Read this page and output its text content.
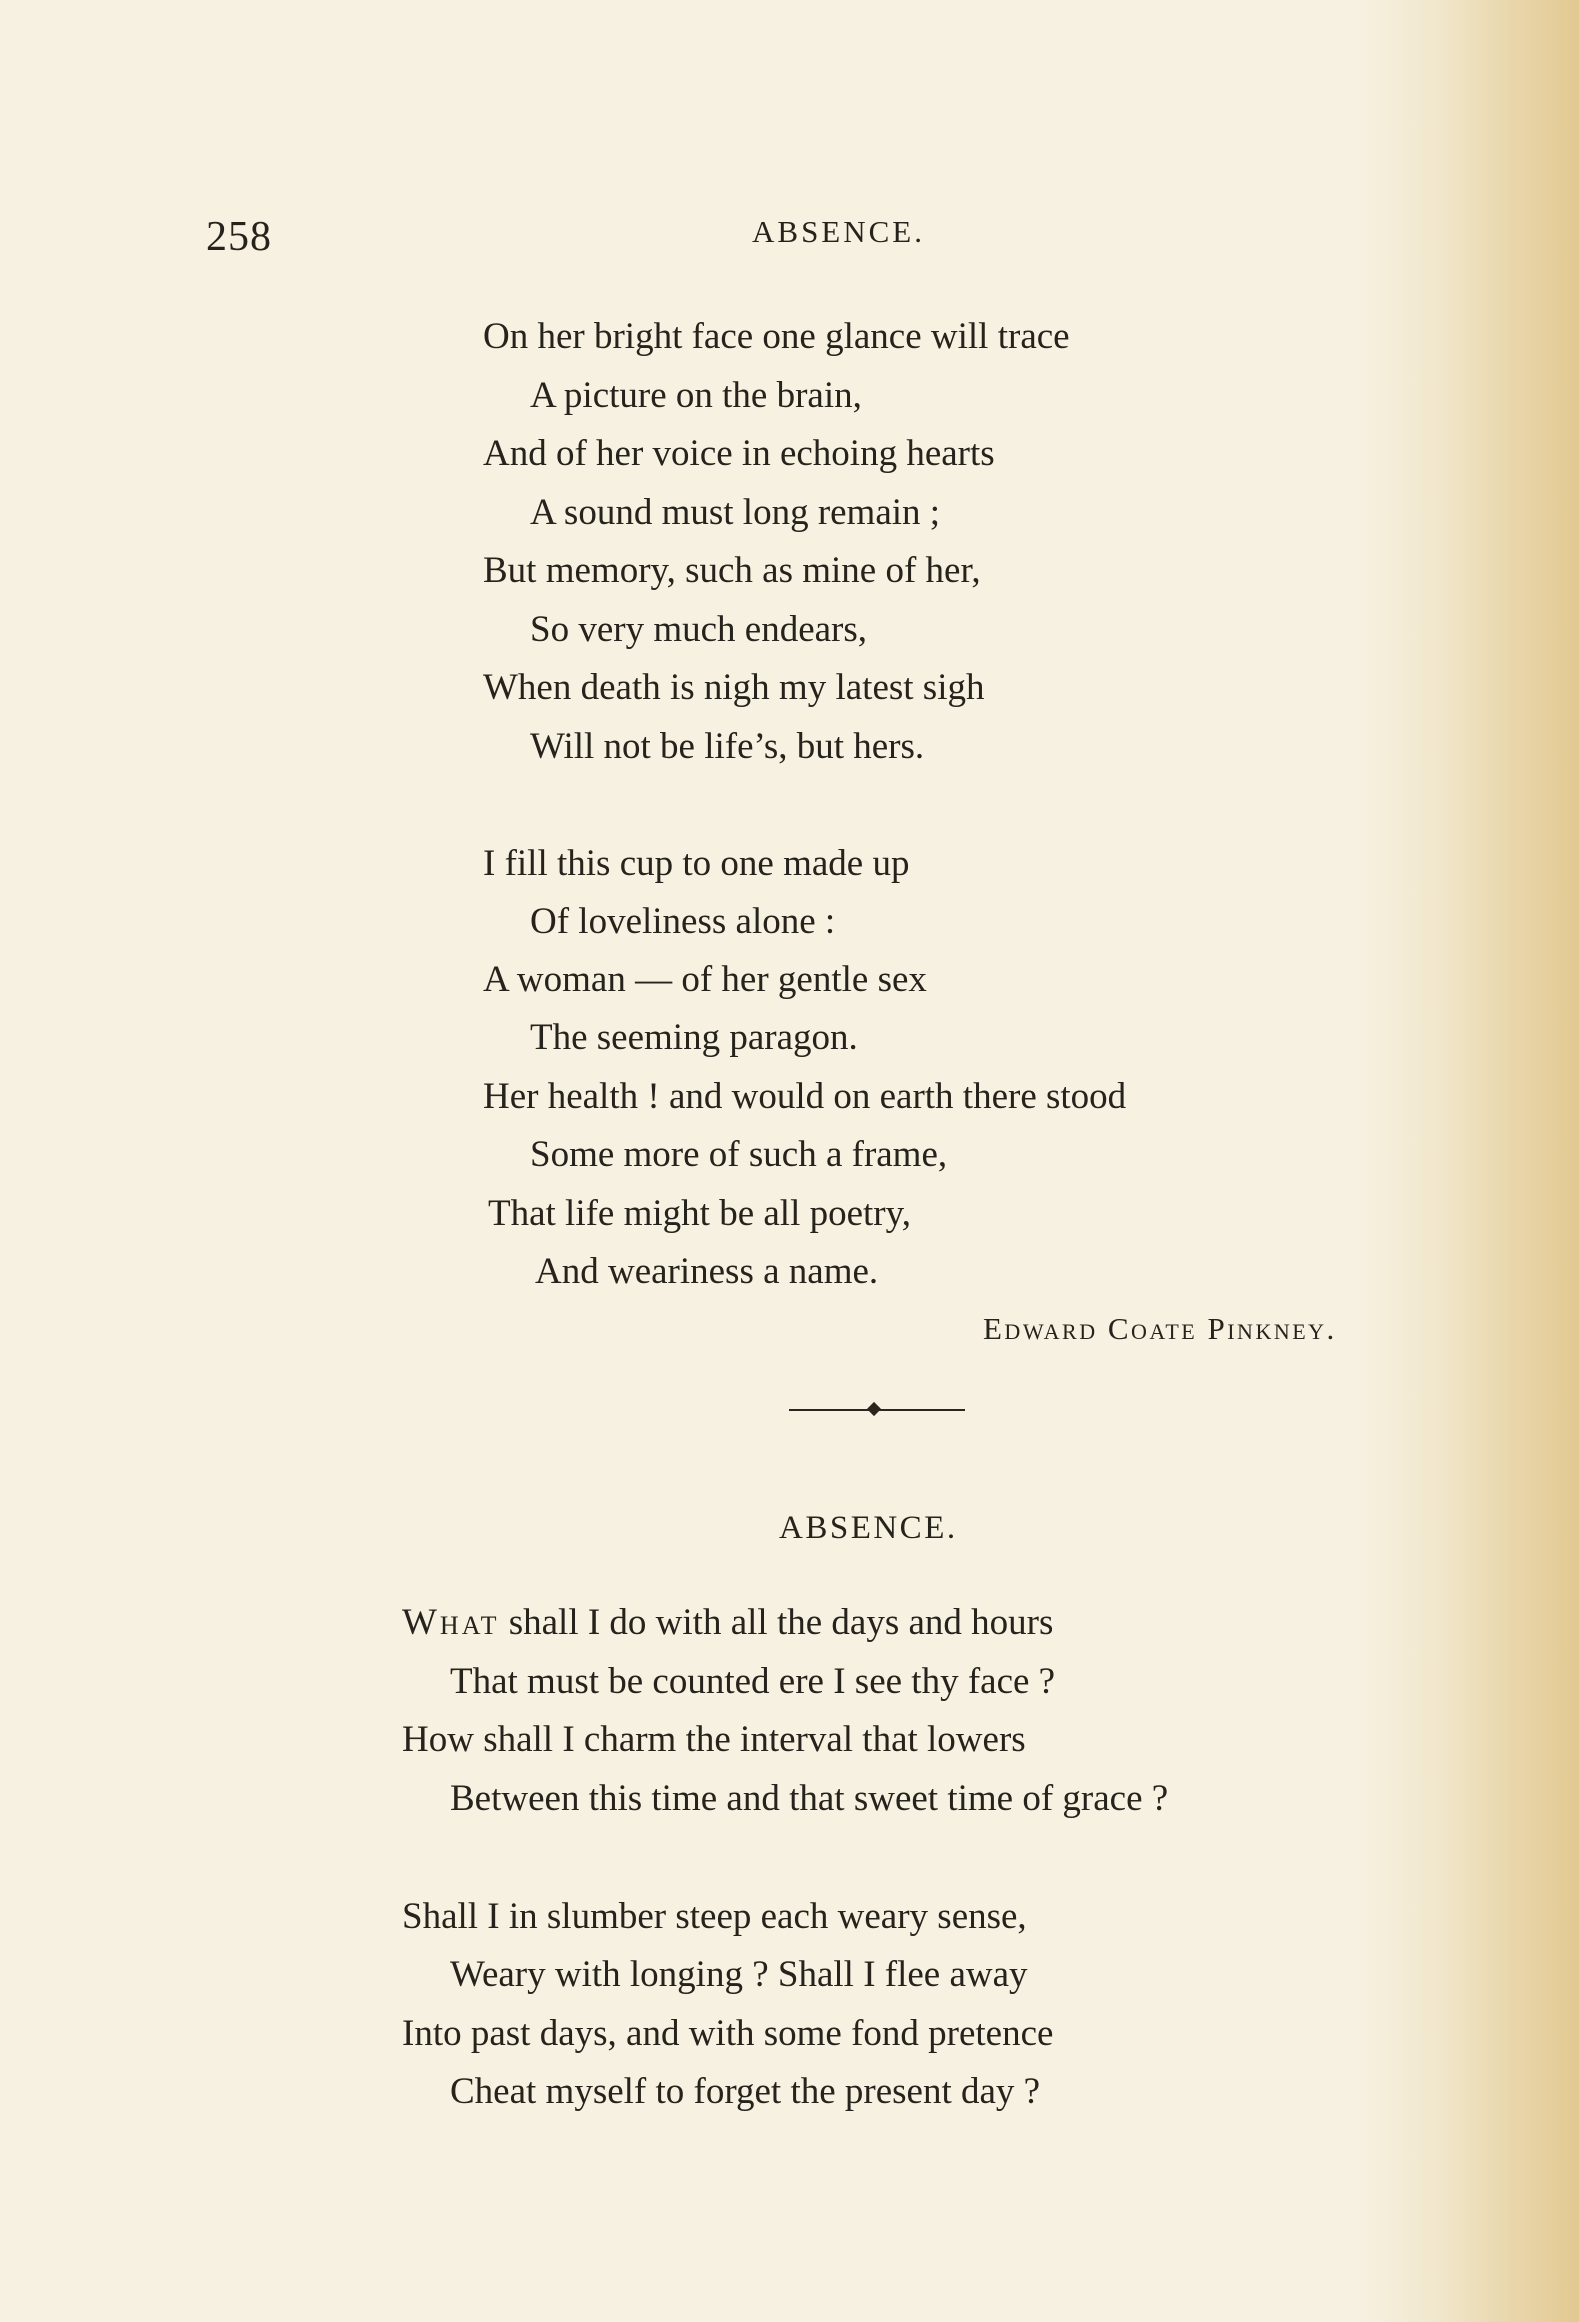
258	ABSENCE.
On her bright face one glance will trace
A picture on the brain,
And of her voice in echoing hearts
A sound must long remain ;
But memory, such as mine of her,
So very much endears,
When death is nigh my latest sigh
Will not be life’s, but hers.
I fill this cup to one made up
Of loveliness alone :
A woman — of her gentle sex
The seeming paragon.
Her health ! and would on earth there stood
Some more of such a frame,
That life might be all poetry,
And weariness a name.
Edward Coate Pinkney.
ABSENCE.
What shall I do with all the days and hours
That must be counted ere I see thy face ?
How shall I charm the interval that lowers
Between this time and that sweet time of grace ?
Shall I in slumber steep each weary sense,
Weary with longing ? Shall I flee away
Into past days, and with some fond pretence
Cheat myself to forget the present day ?
